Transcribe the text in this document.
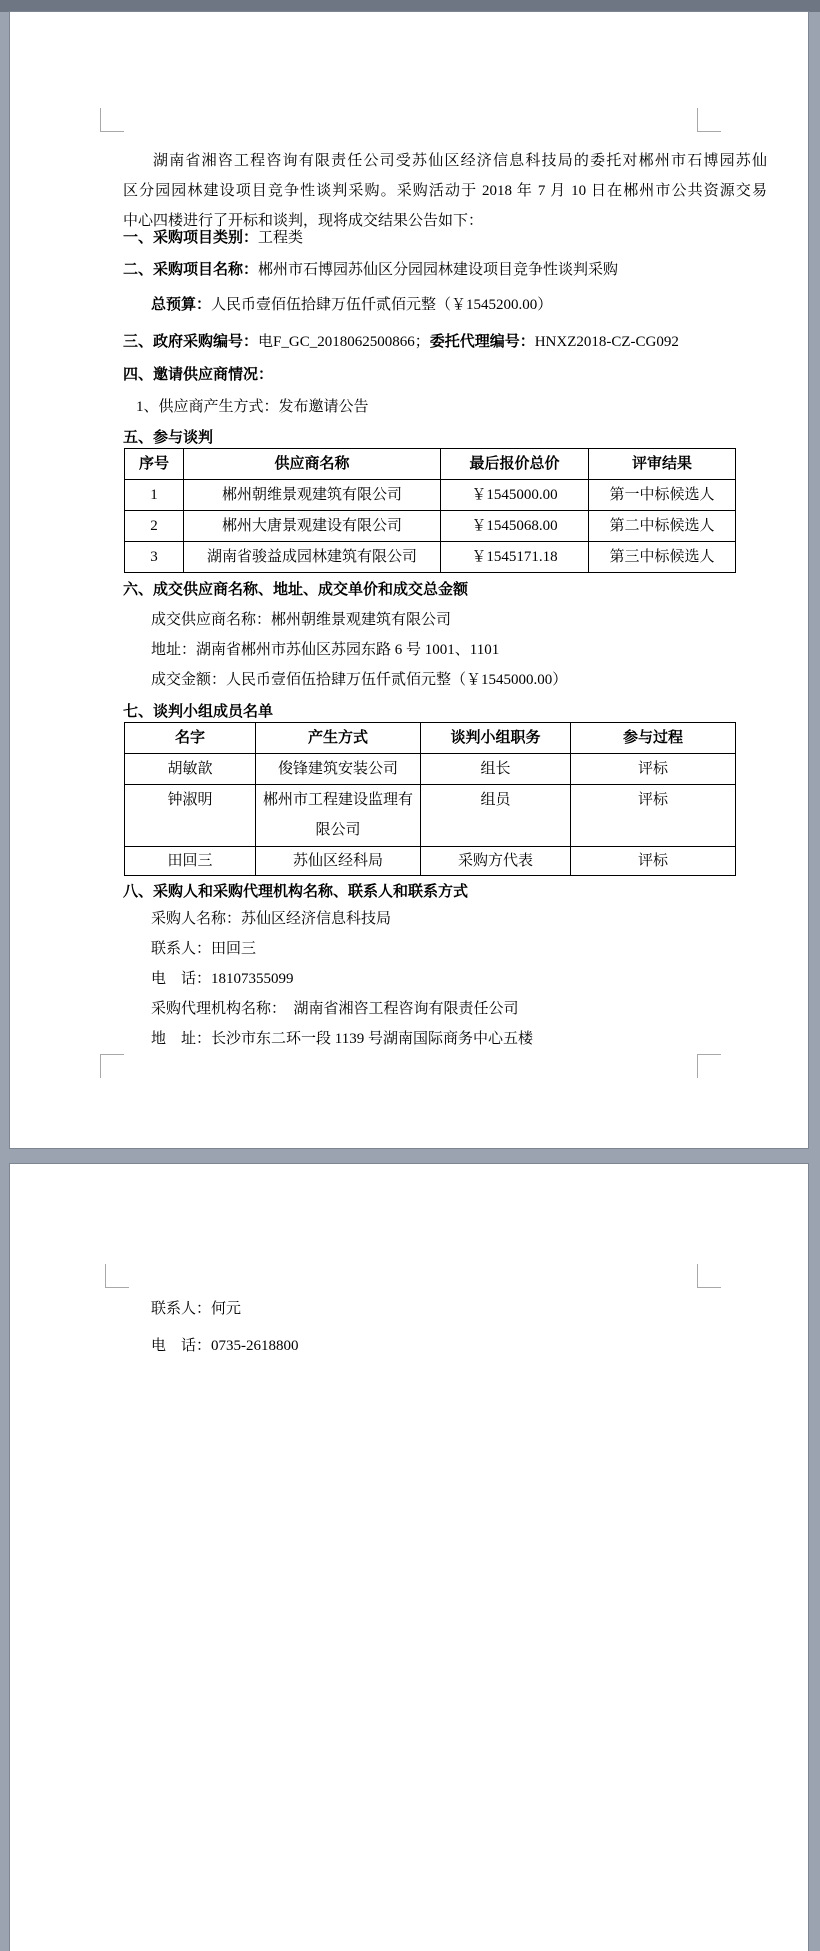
湖南省湘咨工程咨询有限责任公司受苏仙区经济信息科技局的委托对郴州市石博园苏仙
区分园园林建设项目竞争性谈判采购。采购活动于 2018 年 7 月 10 日在郴州市公共资源交易
中心四楼进行了开标和谈判，现将成交结果公告如下：
一、采购项目类别：工程类
二、采购项目名称：郴州市石博园苏仙区分园园林建设项目竞争性谈判采购
总预算：人民币壹佰伍拾肆万伍仟贰佰元整（￥1545200.00）
三、政府采购编号：电F_GC_2018062500866；委托代理编号：HNXZ2018-CZ-CG092
四、邀请供应商情况：
1、供应商产生方式：发布邀请公告
五、参与谈判
序号	供应商名称	最后报价总价	评审结果
1	郴州朝维景观建筑有限公司	￥1545000.00	第一中标候选人
2	郴州大唐景观建设有限公司	￥1545068.00	第二中标候选人
3	湖南省骏益成园林建筑有限公司	￥1545171.18	第三中标候选人
六、成交供应商名称、地址、成交单价和成交总金额
成交供应商名称：郴州朝维景观建筑有限公司
地址：湖南省郴州市苏仙区苏园东路 6 号 1001、1101
成交金额：人民币壹佰伍拾肆万伍仟贰佰元整（￥1545000.00）
七、谈判小组成员名单
名字	产生方式	谈判小组职务	参与过程
胡敏歆	俊锋建筑安装公司	组长	评标
钟淑明	郴州市工程建设监理有限公司	组员	评标
田回三	苏仙区经科局	采购方代表	评标
八、采购人和采购代理机构名称、联系人和联系方式
采购人名称：苏仙区经济信息科技局
联系人：田回三
电　话：18107355099
采购代理机构名称：  湖南省湘咨工程咨询有限责任公司
地　址：长沙市东二环一段 1139 号湖南国际商务中心五楼
联系人：何元
电　话：0735-2618800
